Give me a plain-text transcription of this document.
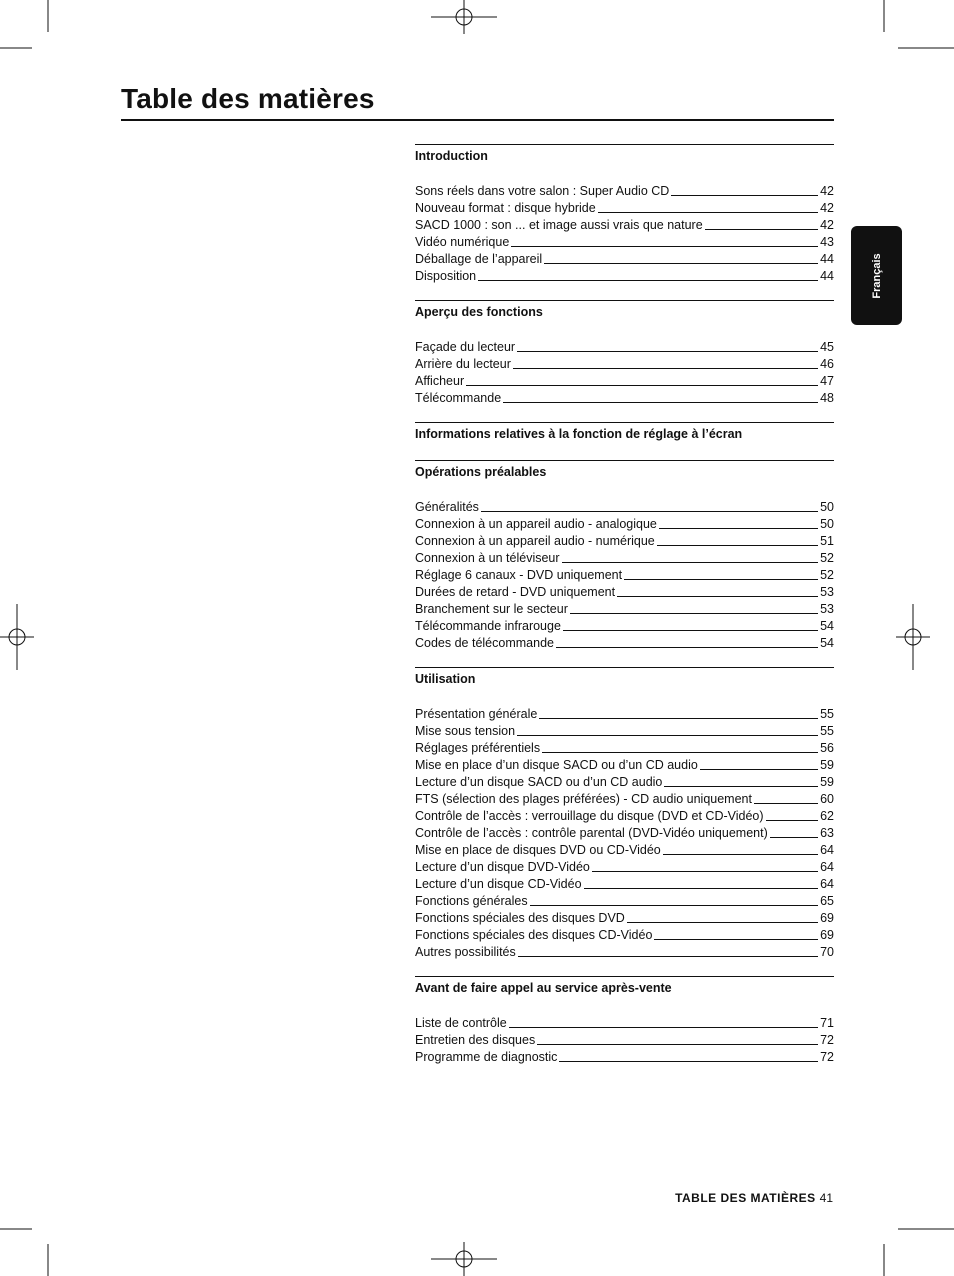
Table des matières
Français
Introduction
Sons réels dans votre salon : Super Audio CD	42
Nouveau format : disque hybride	42
SACD 1000 : son ... et image aussi vrais que nature	42
Vidéo numérique	43
Déballage de l’appareil	44
Disposition	44
Aperçu des fonctions
Façade du lecteur	45
Arrière du lecteur	46
Afficheur	47
Télécommande	48
Informations relatives à la fonction de réglage à l’écran
Opérations préalables
Généralités	50
Connexion à un appareil audio - analogique	50
Connexion à un appareil audio - numérique	51
Connexion à un téléviseur	52
Réglage 6 canaux - DVD uniquement	52
Durées de retard - DVD uniquement	53
Branchement sur le secteur	53
Télécommande infrarouge	54
Codes de télécommande	54
Utilisation
Présentation générale	55
Mise sous tension	55
Réglages préférentiels	56
Mise en place d’un disque SACD ou d’un CD audio	59
Lecture d’un disque SACD ou d’un CD audio	59
FTS (sélection des plages préférées) - CD audio uniquement	60
Contrôle de l’accès : verrouillage du disque (DVD et CD-Vidéo)	62
Contrôle de l’accès : contrôle parental (DVD-Vidéo uniquement)	63
Mise en place de disques DVD ou CD-Vidéo	64
Lecture d’un disque DVD-Vidéo	64
Lecture d’un disque CD-Vidéo	64
Fonctions générales	65
Fonctions spéciales des disques DVD	69
Fonctions spéciales des disques CD-Vidéo	69
Autres possibilités	70
Avant de faire appel au service après-vente
Liste de contrôle	71
Entretien des disques	72
Programme de diagnostic	72
TABLE DES MATIÈRES 41
